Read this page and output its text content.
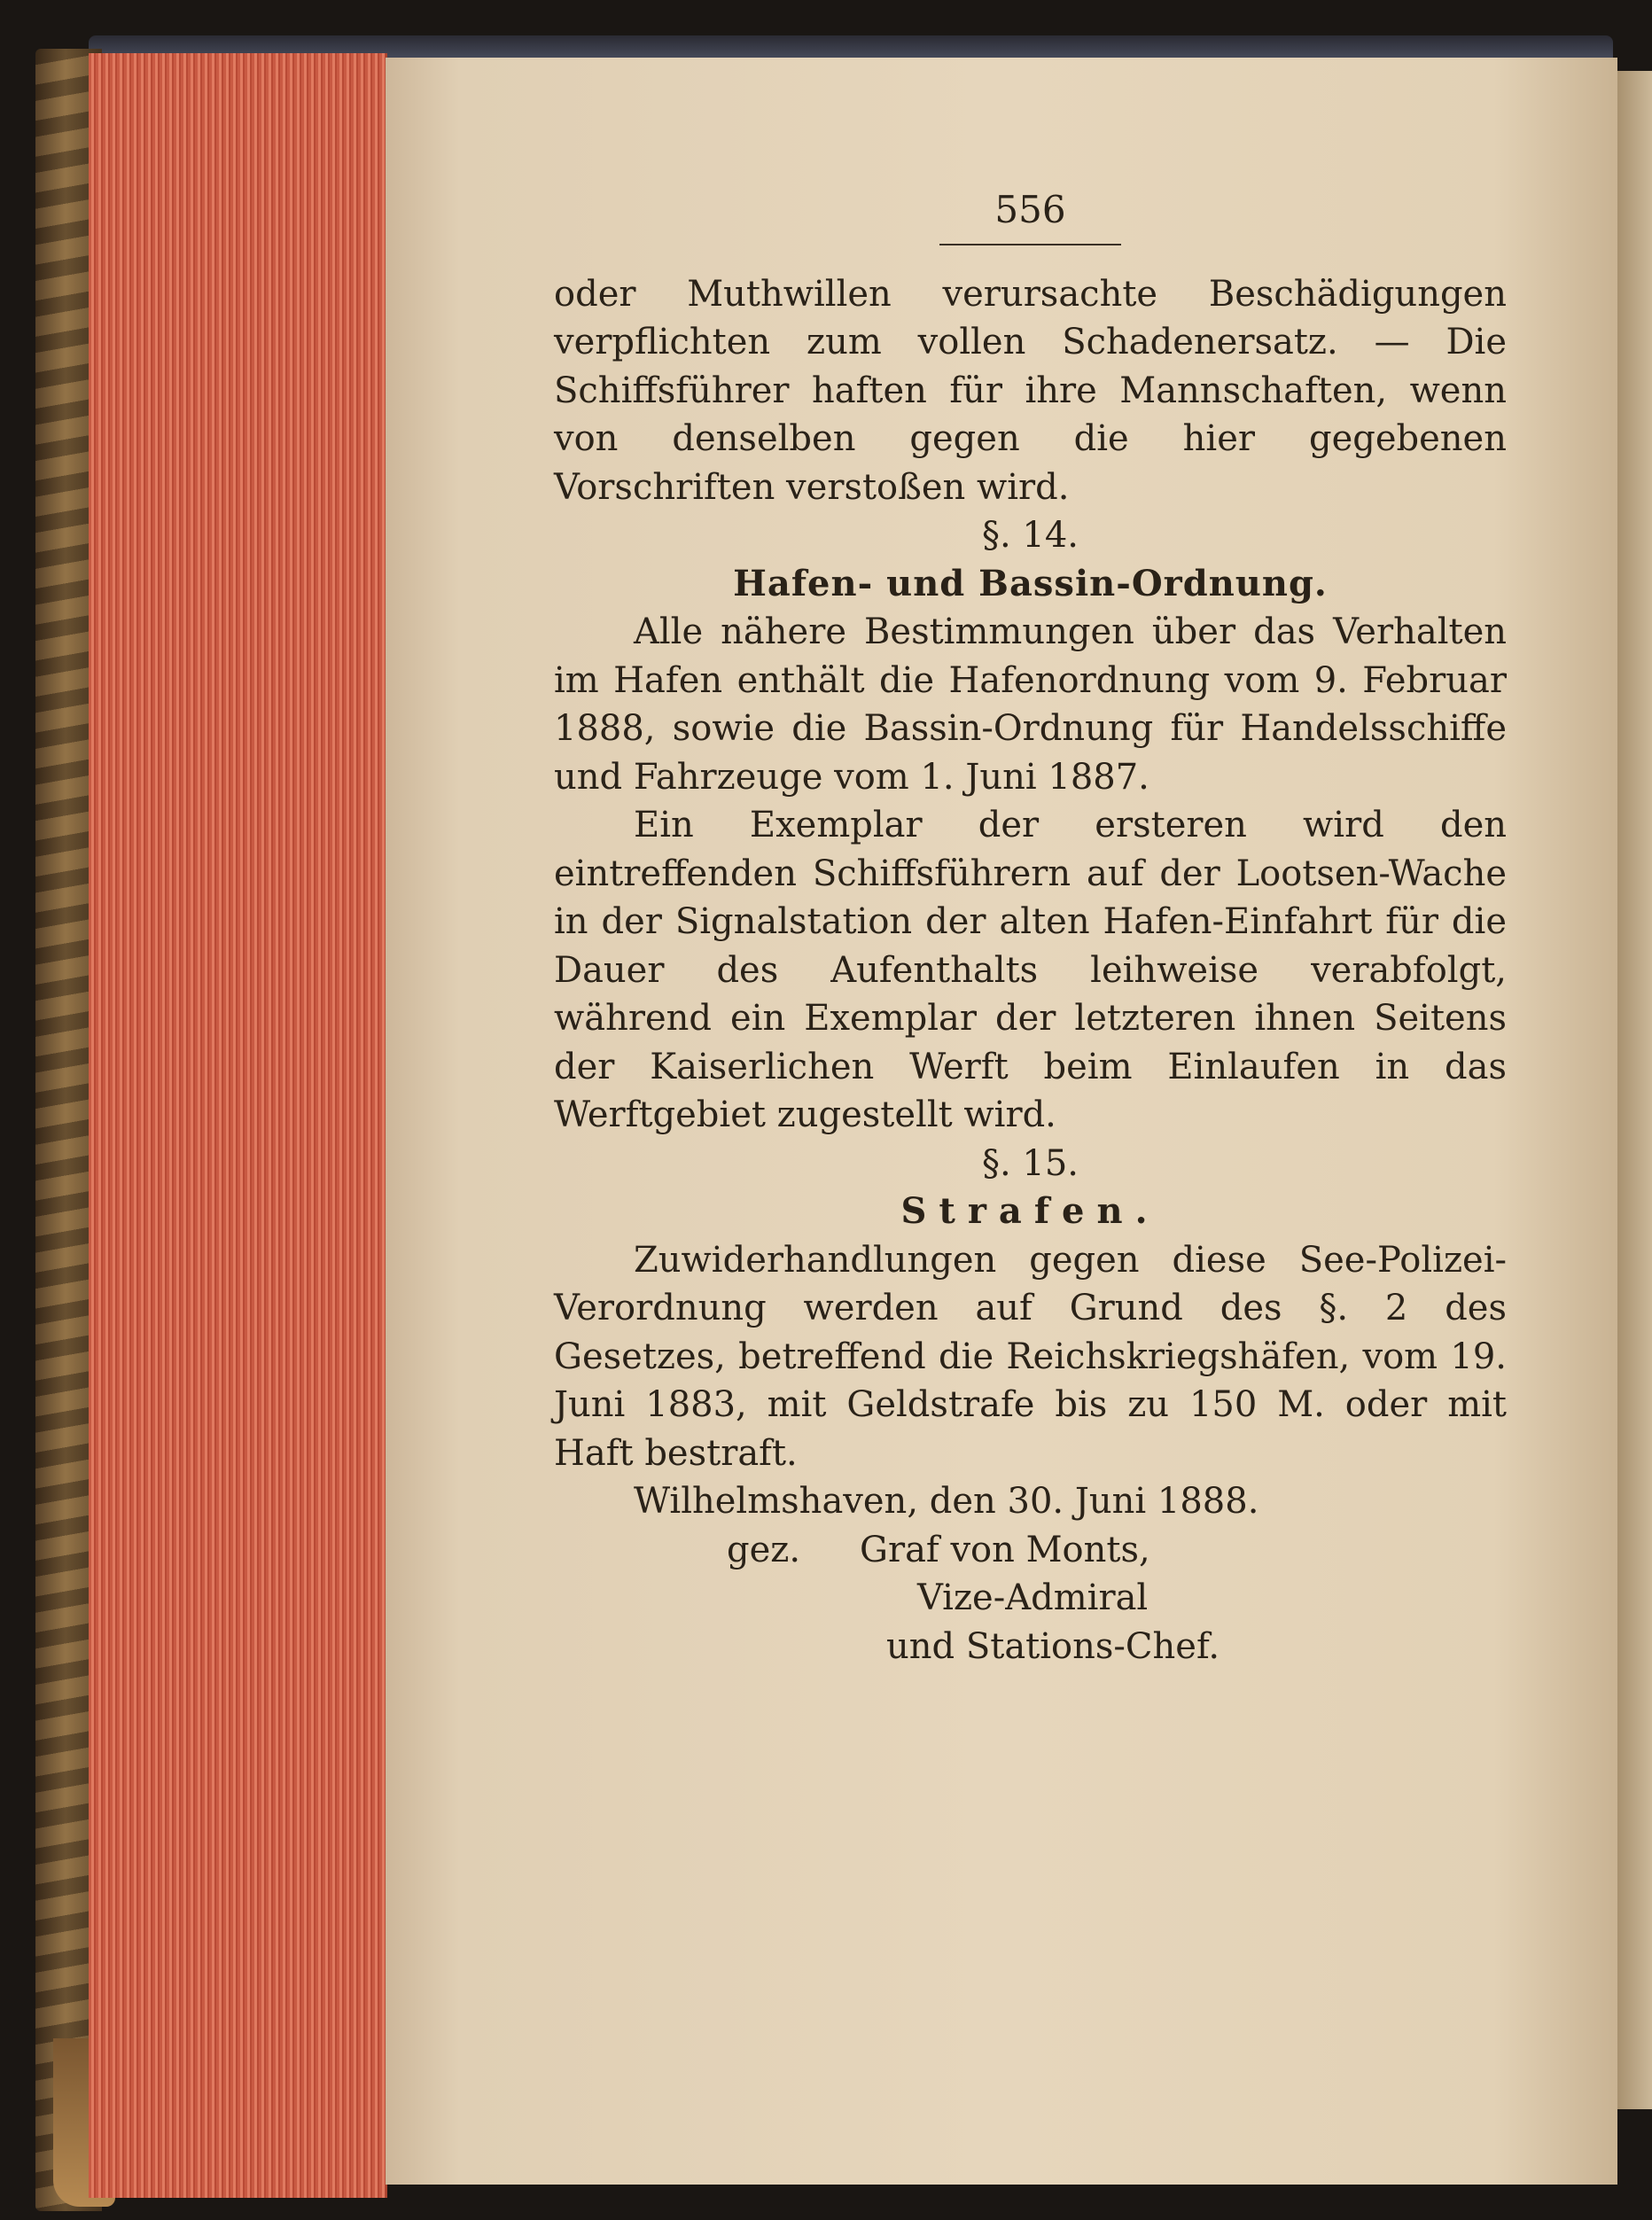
556

oder Muthwillen verursachte Beschädigungen verpflichten zum vollen Schadenersatz. — Die Schiffsführer haften für ihre Mannschaften, wenn von denselben gegen die hier gegebenen Vorschriften verstoßen wird.

§. 14.

Hafen- und Bassin-Ordnung.

Alle nähere Bestimmungen über das Verhalten im Hafen enthält die Hafenordnung vom 9. Februar 1888, sowie die Bassin-Ordnung für Handelsschiffe und Fahrzeuge vom 1. Juni 1887.

Ein Exemplar der ersteren wird den eintreffenden Schiffsführern auf der Lootsen-Wache in der Signalstation der alten Hafen-Einfahrt für die Dauer des Aufenthalts leihweise verabfolgt, während ein Exemplar der letzteren ihnen Seitens der Kaiserlichen Werft beim Einlaufen in das Werftgebiet zugestellt wird.

§. 15.

Strafen.

Zuwiderhandlungen gegen diese See-Polizei-Verordnung werden auf Grund des §. 2 des Gesetzes, betreffend die Reichskriegshäfen, vom 19. Juni 1883, mit Geldstrafe bis zu 150 M. oder mit Haft bestraft.

Wilhelmshaven, den 30. Juni 1888.

gez. Graf von Monts,

Vize-Admiral

und Stations-Chef.
